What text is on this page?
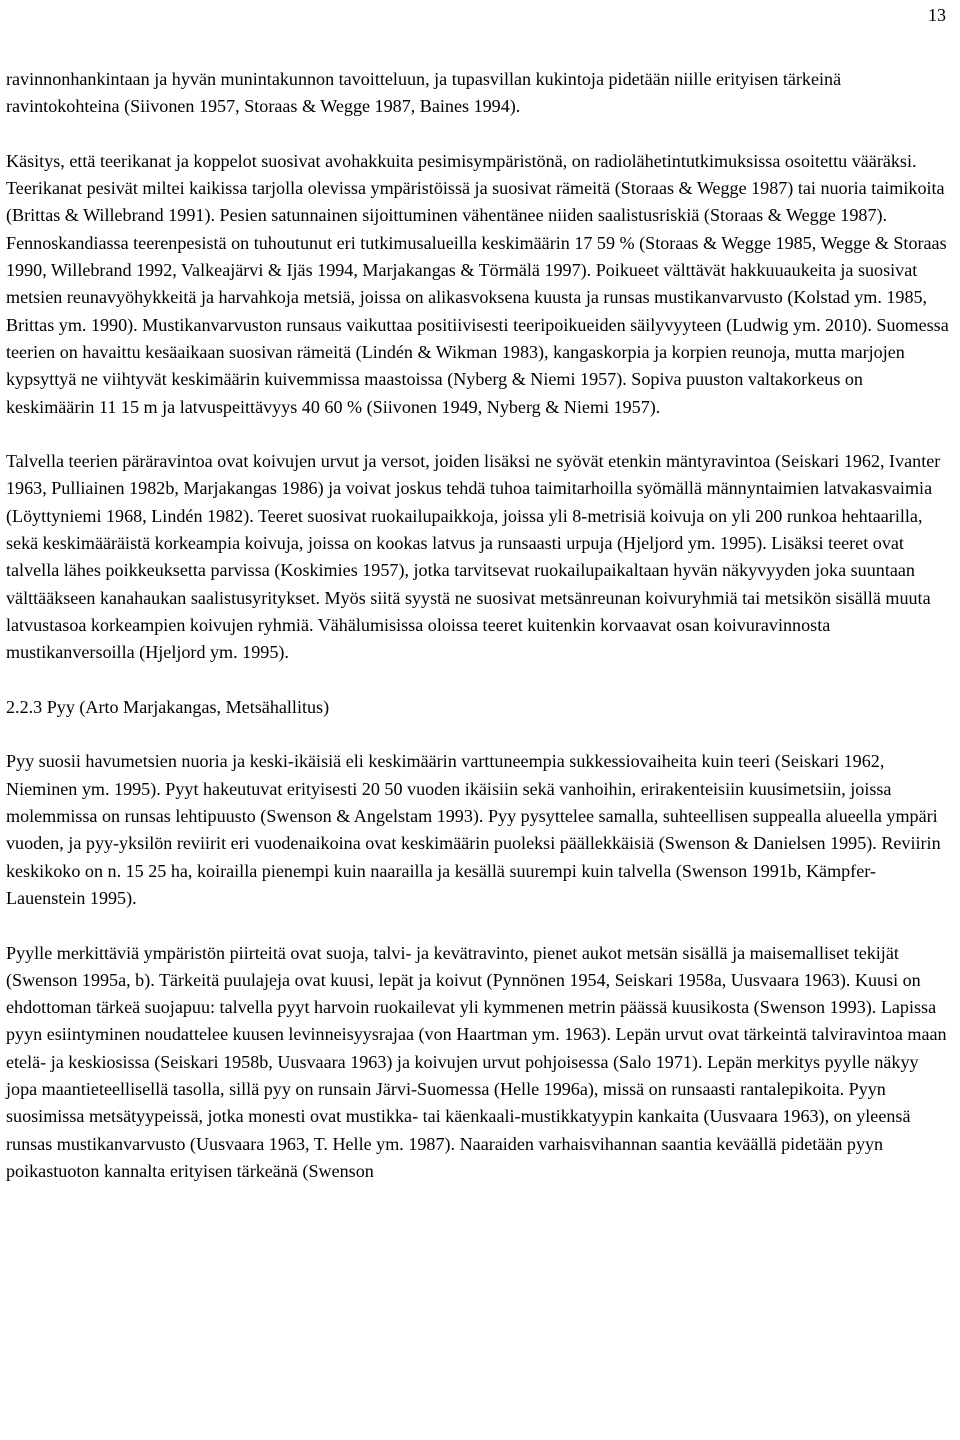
13

ravinnonhankintaan ja hyvän munintakunnon tavoitteluun, ja tupasvillan kukintoja pidetään niille erityisen tärkeinä ravintokohteina (Siivonen 1957, Storaas & Wegge 1987, Baines 1994).

Käsitys, että teerikanat ja koppelot suosivat avohakkuita pesimisympäristönä, on radiolähetintutkimuksissa osoitettu vääräksi. Teerikanat pesivät miltei kaikissa tarjolla olevissa ympäristöissä ja suosivat rämeitä (Storaas & Wegge 1987) tai nuoria taimikoita (Brittas & Willebrand 1991). Pesien satunnainen sijoittuminen vähentänee niiden saalistusriskiä (Storaas & Wegge 1987). Fennoskandiassa teerenpesistä on tuhoutunut eri tutkimusalueilla keskimäärin 17 59 % (Storaas & Wegge 1985, Wegge & Storaas 1990, Willebrand 1992, Valkeajärvi & Ijäs 1994, Marjakangas & Törmälä 1997). Poikueet välttävät hakkuuaukeita ja suosivat metsien reunavyöhykkeitä ja harvahkoja metsiä, joissa on alikasvoksena kuusta ja runsas mustikanvarvusto (Kolstad ym. 1985, Brittas ym. 1990). Mustikanvarvuston runsaus vaikuttaa positiivisesti teeripoikueiden säilyvyyteen (Ludwig ym. 2010). Suomessa teerien on havaittu kesäaikaan suosivan rämeitä (Lindén & Wikman 1983), kangaskorpia ja korpien reunoja, mutta marjojen kypsyttyä ne viihtyvät keskimäärin kuivemmissa maastoissa (Nyberg & Niemi 1957). Sopiva puuston valtakorkeus on keskimäärin 11 15 m ja latvuspeittävyys 40 60 % (Siivonen 1949, Nyberg & Niemi 1957).

Talvella teerien päräravintoa ovat koivujen urvut ja versot, joiden lisäksi ne syövät etenkin mäntyravintoa (Seiskari 1962, Ivanter 1963, Pulliainen 1982b, Marjakangas 1986) ja voivat joskus tehdä tuhoa taimitarhoilla syömällä männyntaimien latvakasvaimia (Löyttyniemi 1968, Lindén 1982). Teeret suosivat ruokailupaikkoja, joissa yli 8-metrisiä koivuja on yli 200 runkoa hehtaarilla, sekä keskimääräistä korkeampia koivuja, joissa on kookas latvus ja runsaasti urpuja (Hjeljord ym. 1995). Lisäksi teeret ovat talvella lähes poikkeuksetta parvissa (Koskimies 1957), jotka tarvitsevat ruokailupaikaltaan hyvän näkyvyyden joka suuntaan välttääkseen kanahaukan saalistusyritykset. Myös siitä syystä ne suosivat metsänreunan koivuryhmiä tai metsikön sisällä muuta latvustasoa korkeampien koivujen ryhmiä. Vähälumisissa oloissa teeret kuitenkin korvaavat osan koivuravinnosta mustikanversoilla (Hjeljord ym. 1995).

2.2.3 Pyy (Arto Marjakangas, Metsähallitus)

Pyy suosii havumetsien nuoria ja keski-ikäisiä eli keskimäärin varttuneempia sukkessiovaiheita kuin teeri (Seiskari 1962, Nieminen ym. 1995). Pyyt hakeutuvat erityisesti 20 50 vuoden ikäisiin sekä vanhoihin, erirakenteisiin kuusimetsiin, joissa molemmissa on runsas lehtipuusto (Swenson & Angelstam 1993). Pyy pysyttelee samalla, suhteellisen suppealla alueella ympäri vuoden, ja pyy-yksilön reviirit eri vuodenaikoina ovat keskimäärin puoleksi päällekkäisiä (Swenson & Danielsen 1995). Reviirin keskikoko on n. 15 25 ha, koirailla pienempi kuin naarailla ja kesällä suurempi kuin talvella (Swenson 1991b, Kämpfer-Lauenstein 1995).

Pyylle merkittäviä ympäristön piirteitä ovat suoja, talvi- ja kevätravinto, pienet aukot metsän sisällä ja maisemalliset tekijät (Swenson 1995a, b). Tärkeitä puulajeja ovat kuusi, lepät ja koivut (Pynnönen 1954, Seiskari 1958a, Uusvaara 1963). Kuusi on ehdottoman tärkeä suojapuu: talvella pyyt harvoin ruokailevat yli kymmenen metrin päässä kuusikosta (Swenson 1993). Lapissa pyyn esiintyminen noudattelee kuusen levinneisyysrajaa (von Haartman ym. 1963). Lepän urvut ovat tärkeintä talviravintoa maan etelä- ja keskiosissa (Seiskari 1958b, Uusvaara 1963) ja koivujen urvut pohjoisessa (Salo 1971). Lepän merkitys pyylle näkyy jopa maantieteellisellä tasolla, sillä pyy on runsain Järvi-Suomessa (Helle 1996a), missä on runsaasti rantalepikoita. Pyyn suosimissa metsätyypeissä, jotka monesti ovat mustikka- tai käenkaali-mustikkatyypin kankaita (Uusvaara 1963), on yleensä runsas mustikanvarvusto (Uusvaara 1963, T. Helle ym. 1987). Naaraiden varhaisvihannan saantia keväällä pidetään pyyn poikastuoton kannalta erityisen tärkeänä (Swenson
